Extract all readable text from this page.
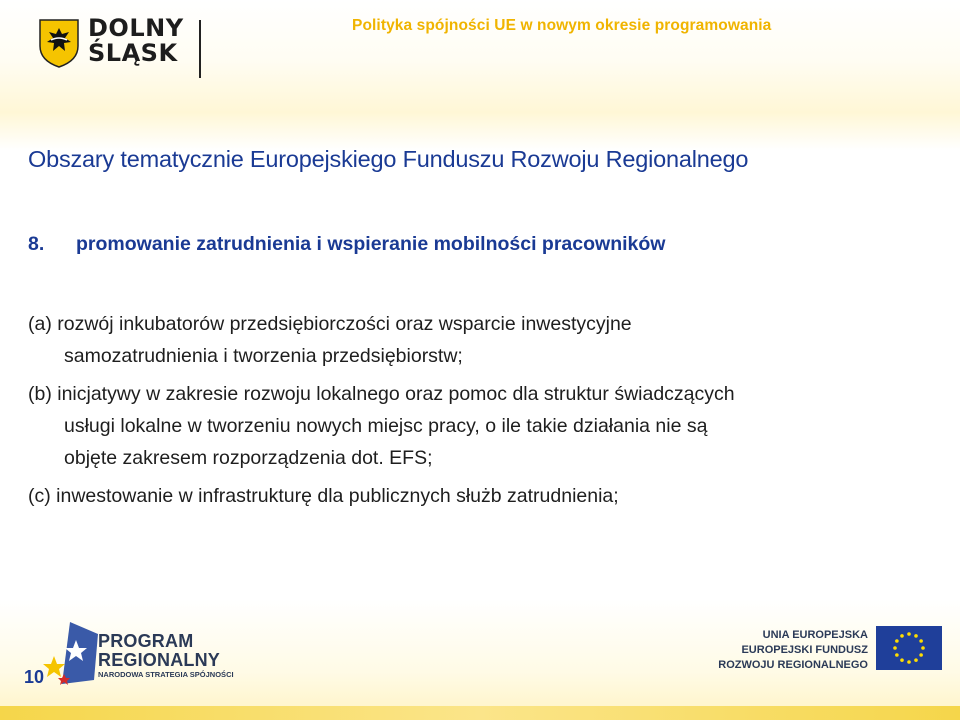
DOLNY
ŚLĄSK
Polityka spójności UE w nowym okresie programowania
Obszary tematycznie Europejskiego Funduszu Rozwoju Regionalnego
8. promowanie zatrudnienia i wspieranie mobilności pracowników
(a) rozwój inkubatorów przedsiębiorczości oraz wsparcie inwestycyjne
samozatrudnienia i tworzenia przedsiębiorstw;
(b) inicjatywy w zakresie rozwoju lokalnego oraz pomoc dla struktur świadczących
usługi lokalne w tworzeniu nowych miejsc pracy, o ile takie działania nie są
objęte zakresem rozporządzenia dot. EFS;
(c) inwestowanie w infrastrukturę dla publicznych służb zatrudnienia;
10
PROGRAM
REGIONALNY
NARODOWA STRATEGIA SPÓJNOŚCI
UNIA EUROPEJSKA
EUROPEJSKI FUNDUSZ
ROZWOJU REGIONALNEGO
